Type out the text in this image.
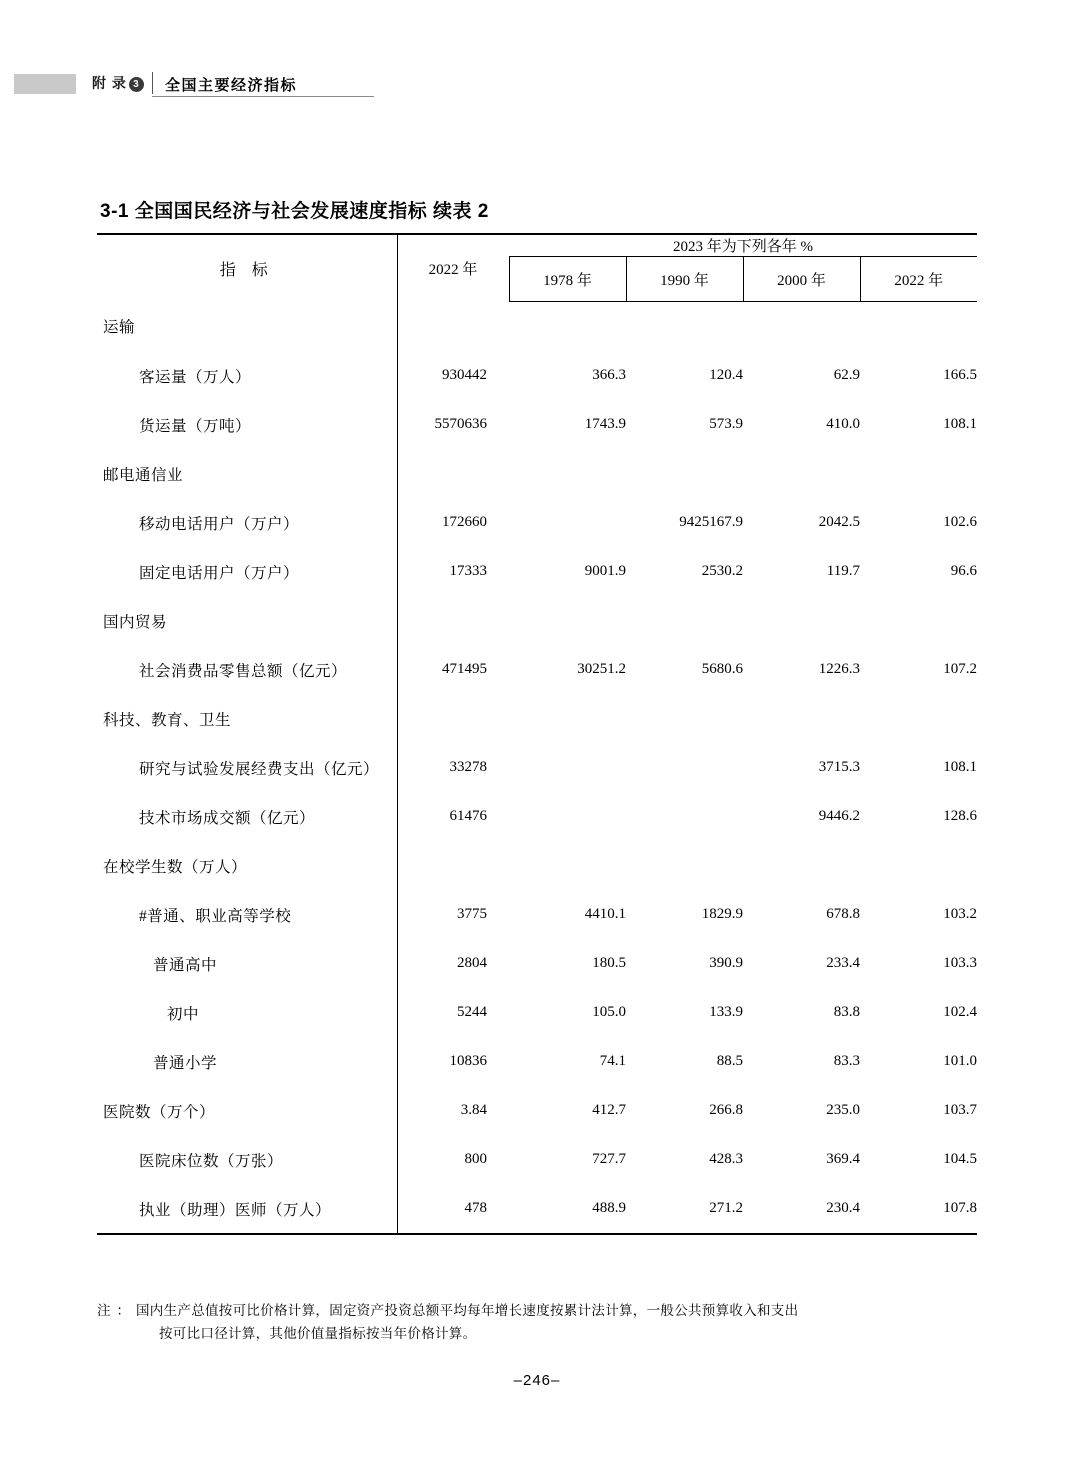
附 录 3	全国主要经济指标
3-1 全国国民经济与社会发展速度指标 续表 2
指 标	2022 年	2023 年为下列各年 %			
		1978 年	1990 年	2000 年	2022 年
运输					
客运量（万人）	930442	366.3	120.4	62.9	166.5
货运量（万吨）	5570636	1743.9	573.9	410.0	108.1
邮电通信业					
移动电话用户（万户）	172660		9425167.9	2042.5	102.6
固定电话用户（万户）	17333	9001.9	2530.2	119.7	96.6
国内贸易					
社会消费品零售总额（亿元）	471495	30251.2	5680.6	1226.3	107.2
科技、教育、卫生					
研究与试验发展经费支出（亿元）	33278			3715.3	108.1
技术市场成交额（亿元）	61476			9446.2	128.6
在校学生数（万人）					
#普通、职业高等学校	3775	4410.1	1829.9	678.8	103.2
普通高中	2804	180.5	390.9	233.4	103.3
初中	5244	105.0	133.9	83.8	102.4
普通小学	10836	74.1	88.5	83.3	101.0
医院数（万个）	3.84	412.7	266.8	235.0	103.7
医院床位数（万张）	800	727.7	428.3	369.4	104.5
执业（助理）医师（万人）	478	488.9	271.2	230.4	107.8
注：国内生产总值按可比价格计算，固定资产投资总额平均每年增长速度按累计法计算，一般公共预算收入和支出
按可比口径计算，其他价值量指标按当年价格计算。
–246–
